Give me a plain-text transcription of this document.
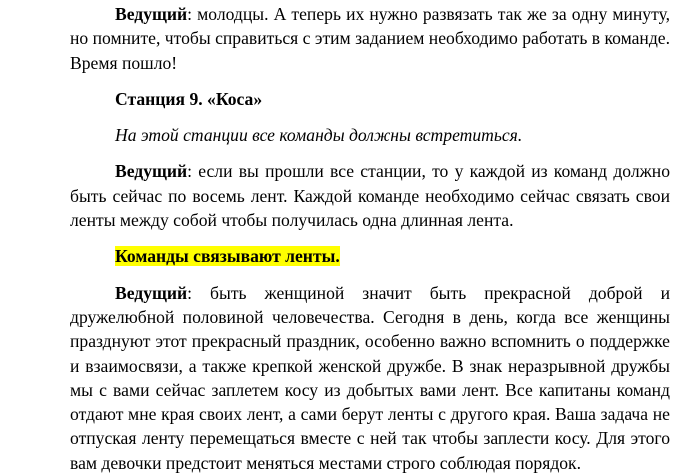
Ведущий: молодцы. А теперь их нужно развязать так же за одну минуту, но помните, чтобы справиться с этим заданием необходимо работать в команде. Время пошло!

Станция 9. «Коса»

На этой станции все команды должны встретиться.

Ведущий: если вы прошли все станции, то у каждой из команд должно быть сейчас по восемь лент. Каждой команде необходимо сейчас связать свои ленты между собой чтобы получилась одна длинная лента.

Команды связывают ленты.

Ведущий: быть женщиной значит быть прекрасной доброй и дружелюбной половиной человечества. Сегодня в день, когда все женщины празднуют этот прекрасный праздник, особенно важно вспомнить о поддержке и взаимосвязи, а также крепкой женской дружбе. В знак неразрывной дружбы мы с вами сейчас заплетем косу из добытых вами лент. Все капитаны команд отдают мне края своих лент, а сами берут ленты с другого края. Ваша задача не отпуская ленту перемещаться вместе с ней так чтобы заплести косу. Для этого вам девочки предстоит меняться местами строго соблюдая порядок.
